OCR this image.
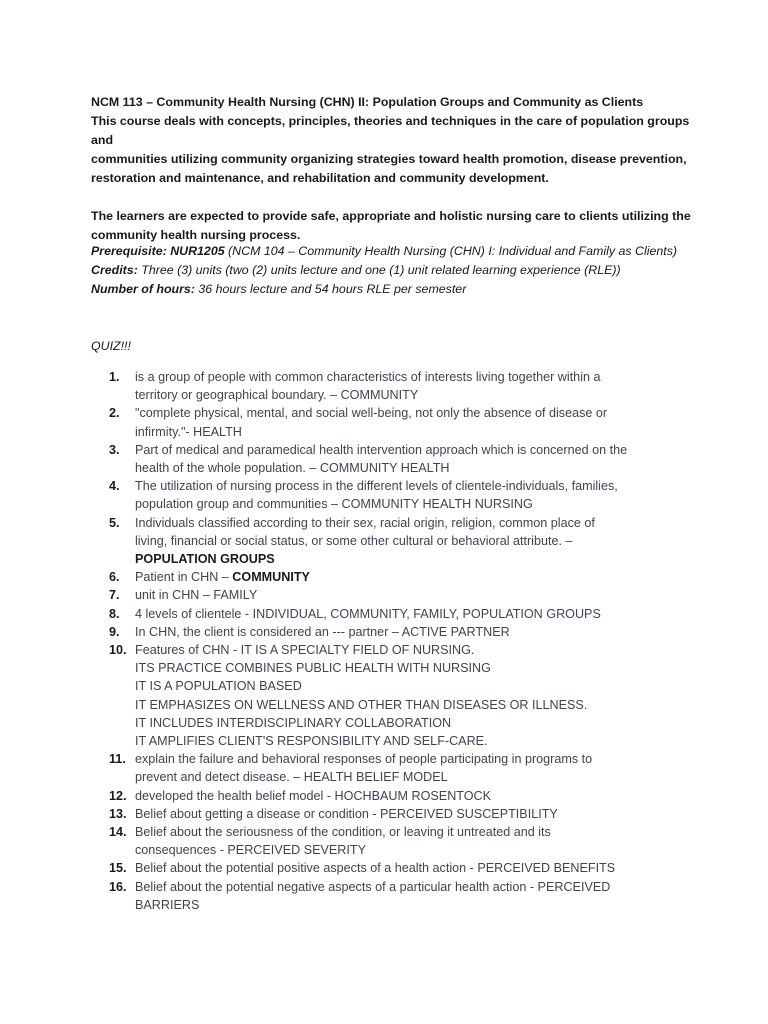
NCM 113 – Community Health Nursing (CHN) II: Population Groups and Community as Clients

This course deals with concepts, principles, theories and techniques in the care of population groups and

communities utilizing community organizing strategies toward health promotion, disease prevention,

restoration and maintenance, and rehabilitation and community development.

The learners are expected to provide safe, appropriate and holistic nursing care to clients utilizing the

community health nursing process.

Prerequisite: NUR1205 (NCM 104 – Community Health Nursing (CHN) I: Individual and Family as Clients)

Credits: Three (3) units (two (2) units lecture and one (1) unit related learning experience (RLE))

Number of hours: 36 hours lecture and 54 hours RLE per semester

QUIZ!!!
1.	is a group of people with common characteristics of interests living together within a
territory or geographical boundary. – COMMUNITY
2.	"complete physical, mental, and social well-being, not only the absence of disease or
infirmity."- HEALTH
3.	Part of medical and paramedical health intervention approach which is concerned on the
health of the whole population. – COMMUNITY HEALTH
4.	The utilization of nursing process in the different levels of clientele-individuals, families,
population group and communities – COMMUNITY HEALTH NURSING
5.	Individuals classified according to their sex, racial origin, religion, common place of
living, financial or social status, or some other cultural or behavioral attribute. –
POPULATION GROUPS
6.	Patient in CHN – COMMUNITY
7.	unit in CHN – FAMILY
8.	4 levels of clientele - INDIVIDUAL, COMMUNITY, FAMILY, POPULATION GROUPS
9.	In CHN, the client is considered an --- partner – ACTIVE PARTNER
10. Features of CHN - IT IS A SPECIALTY FIELD OF NURSING.
ITS PRACTICE COMBINES PUBLIC HEALTH WITH NURSING
IT IS A POPULATION BASED
IT EMPHASIZES ON WELLNESS AND OTHER THAN DISEASES OR ILLNESS.
IT INCLUDES INTERDISCIPLINARY COLLABORATION
IT AMPLIFIES CLIENT'S RESPONSIBILITY AND SELF-CARE.
11. explain the failure and behavioral responses of people participating in programs to
prevent and detect disease. – HEALTH BELIEF MODEL
12. developed the health belief model - HOCHBAUM ROSENTOCK
13. Belief about getting a disease or condition - PERCEIVED SUSCEPTIBILITY
14. Belief about the seriousness of the condition, or leaving it untreated and its
consequences - PERCEIVED SEVERITY
15. Belief about the potential positive aspects of a health action - PERCEIVED BENEFITS
16. Belief about the potential negative aspects of a particular health action - PERCEIVED
BARRIERS
